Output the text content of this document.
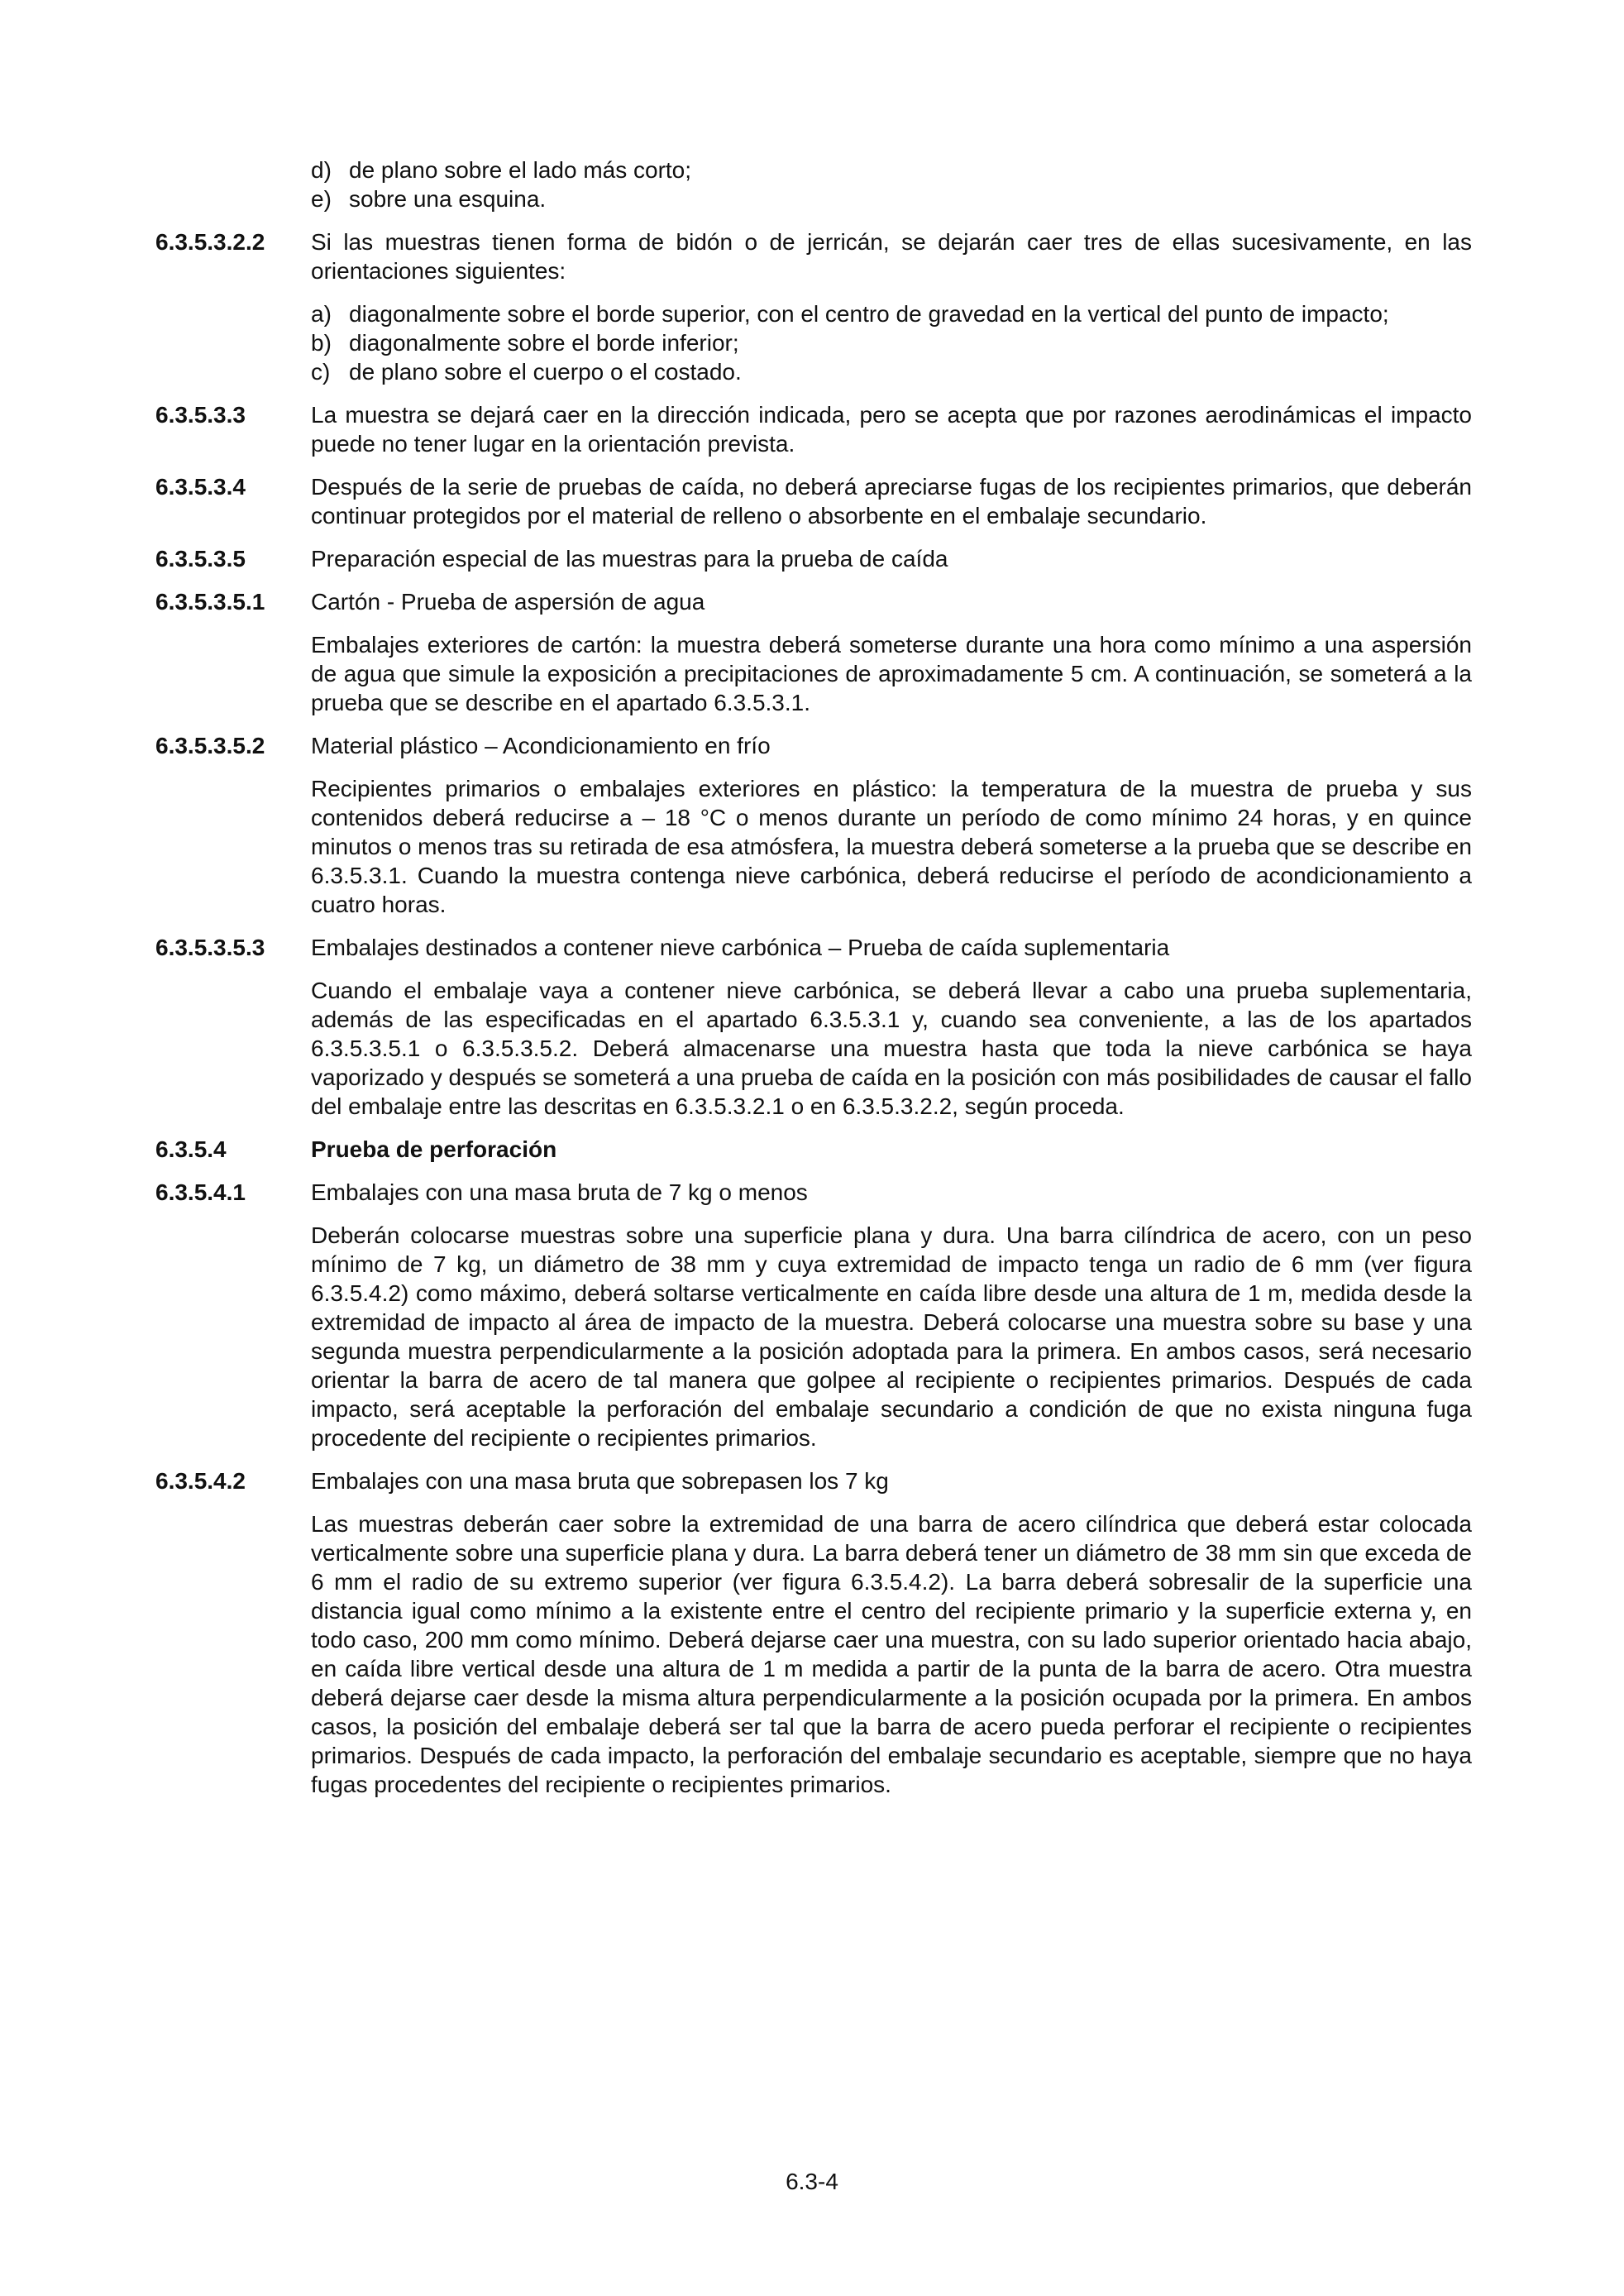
d) de plano sobre el lado más corto;
e) sobre una esquina.
6.3.5.3.2.2	Si las muestras tienen forma de bidón o de jerricán, se dejarán caer tres de ellas sucesivamente, en las orientaciones siguientes:
a) diagonalmente sobre el borde superior, con el centro de gravedad en la vertical del punto de impacto;
b) diagonalmente sobre el borde inferior;
c) de plano sobre el cuerpo o el costado.
6.3.5.3.3	La muestra se dejará caer en la dirección indicada, pero se acepta que por razones aerodinámicas el impacto puede no tener lugar en la orientación prevista.
6.3.5.3.4	Después de la serie de pruebas de caída, no deberá apreciarse fugas de los recipientes primarios, que deberán continuar protegidos por el material de relleno o absorbente en el embalaje secundario.
6.3.5.3.5	Preparación especial de las muestras para la prueba de caída
6.3.5.3.5.1	Cartón - Prueba de aspersión de agua
Embalajes exteriores de cartón: la muestra deberá someterse durante una hora como mínimo a una aspersión de agua que simule la exposición a precipitaciones de aproximadamente 5 cm. A continuación, se someterá a la prueba que se describe en el apartado 6.3.5.3.1.
6.3.5.3.5.2	Material plástico – Acondicionamiento en frío
Recipientes primarios o embalajes exteriores en plástico: la temperatura de la muestra de prueba y sus contenidos deberá reducirse a – 18 °C o menos durante un período de como mínimo 24 horas, y en quince minutos o menos tras su retirada de esa atmósfera, la muestra deberá someterse a la prueba que se describe en 6.3.5.3.1. Cuando la muestra contenga nieve carbónica, deberá reducirse el período de acondicionamiento a cuatro horas.
6.3.5.3.5.3	Embalajes destinados a contener nieve carbónica – Prueba de caída suplementaria
Cuando el embalaje vaya a contener nieve carbónica, se deberá llevar a cabo una prueba suplementaria, además de las especificadas en el apartado 6.3.5.3.1 y, cuando sea conveniente, a las de los apartados 6.3.5.3.5.1 o 6.3.5.3.5.2. Deberá almacenarse una muestra hasta que toda la nieve carbónica se haya vaporizado y después se someterá a una prueba de caída en la posición con más posibilidades de causar el fallo del embalaje entre las descritas en 6.3.5.3.2.1 o en 6.3.5.3.2.2, según proceda.
6.3.5.4	Prueba de perforación
6.3.5.4.1	Embalajes con una masa bruta de 7 kg o menos
Deberán colocarse muestras sobre una superficie plana y dura. Una barra cilíndrica de acero, con un peso mínimo de 7 kg, un diámetro de 38 mm y cuya extremidad de impacto tenga un radio de 6 mm (ver figura 6.3.5.4.2) como máximo, deberá soltarse verticalmente en caída libre desde una altura de 1 m, medida desde la extremidad de impacto al área de impacto de la muestra. Deberá colocarse una muestra sobre su base y una segunda muestra perpendicularmente a la posición adoptada para la primera. En ambos casos, será necesario orientar la barra de acero de tal manera que golpee al recipiente o recipientes primarios. Después de cada impacto, será aceptable la perforación del embalaje secundario a condición de que no exista ninguna fuga procedente del recipiente o recipientes primarios.
6.3.5.4.2	Embalajes con una masa bruta que sobrepasen los 7 kg
Las muestras deberán caer sobre la extremidad de una barra de acero cilíndrica que deberá estar colocada verticalmente sobre una superficie plana y dura. La barra deberá tener un diámetro de 38 mm sin que exceda de 6 mm el radio de su extremo superior (ver figura 6.3.5.4.2). La barra deberá sobresalir de la superficie una distancia igual como mínimo a la existente entre el centro del recipiente primario y la superficie externa y, en todo caso, 200 mm como mínimo. Deberá dejarse caer una muestra, con su lado superior orientado hacia abajo, en caída libre vertical desde una altura de 1 m medida a partir de la punta de la barra de acero. Otra muestra deberá dejarse caer desde la misma altura perpendicularmente a la posición ocupada por la primera. En ambos casos, la posición del embalaje deberá ser tal que la barra de acero pueda perforar el recipiente o recipientes primarios. Después de cada impacto, la perforación del embalaje secundario es aceptable, siempre que no haya fugas procedentes del recipiente o recipientes primarios.
6.3-4
